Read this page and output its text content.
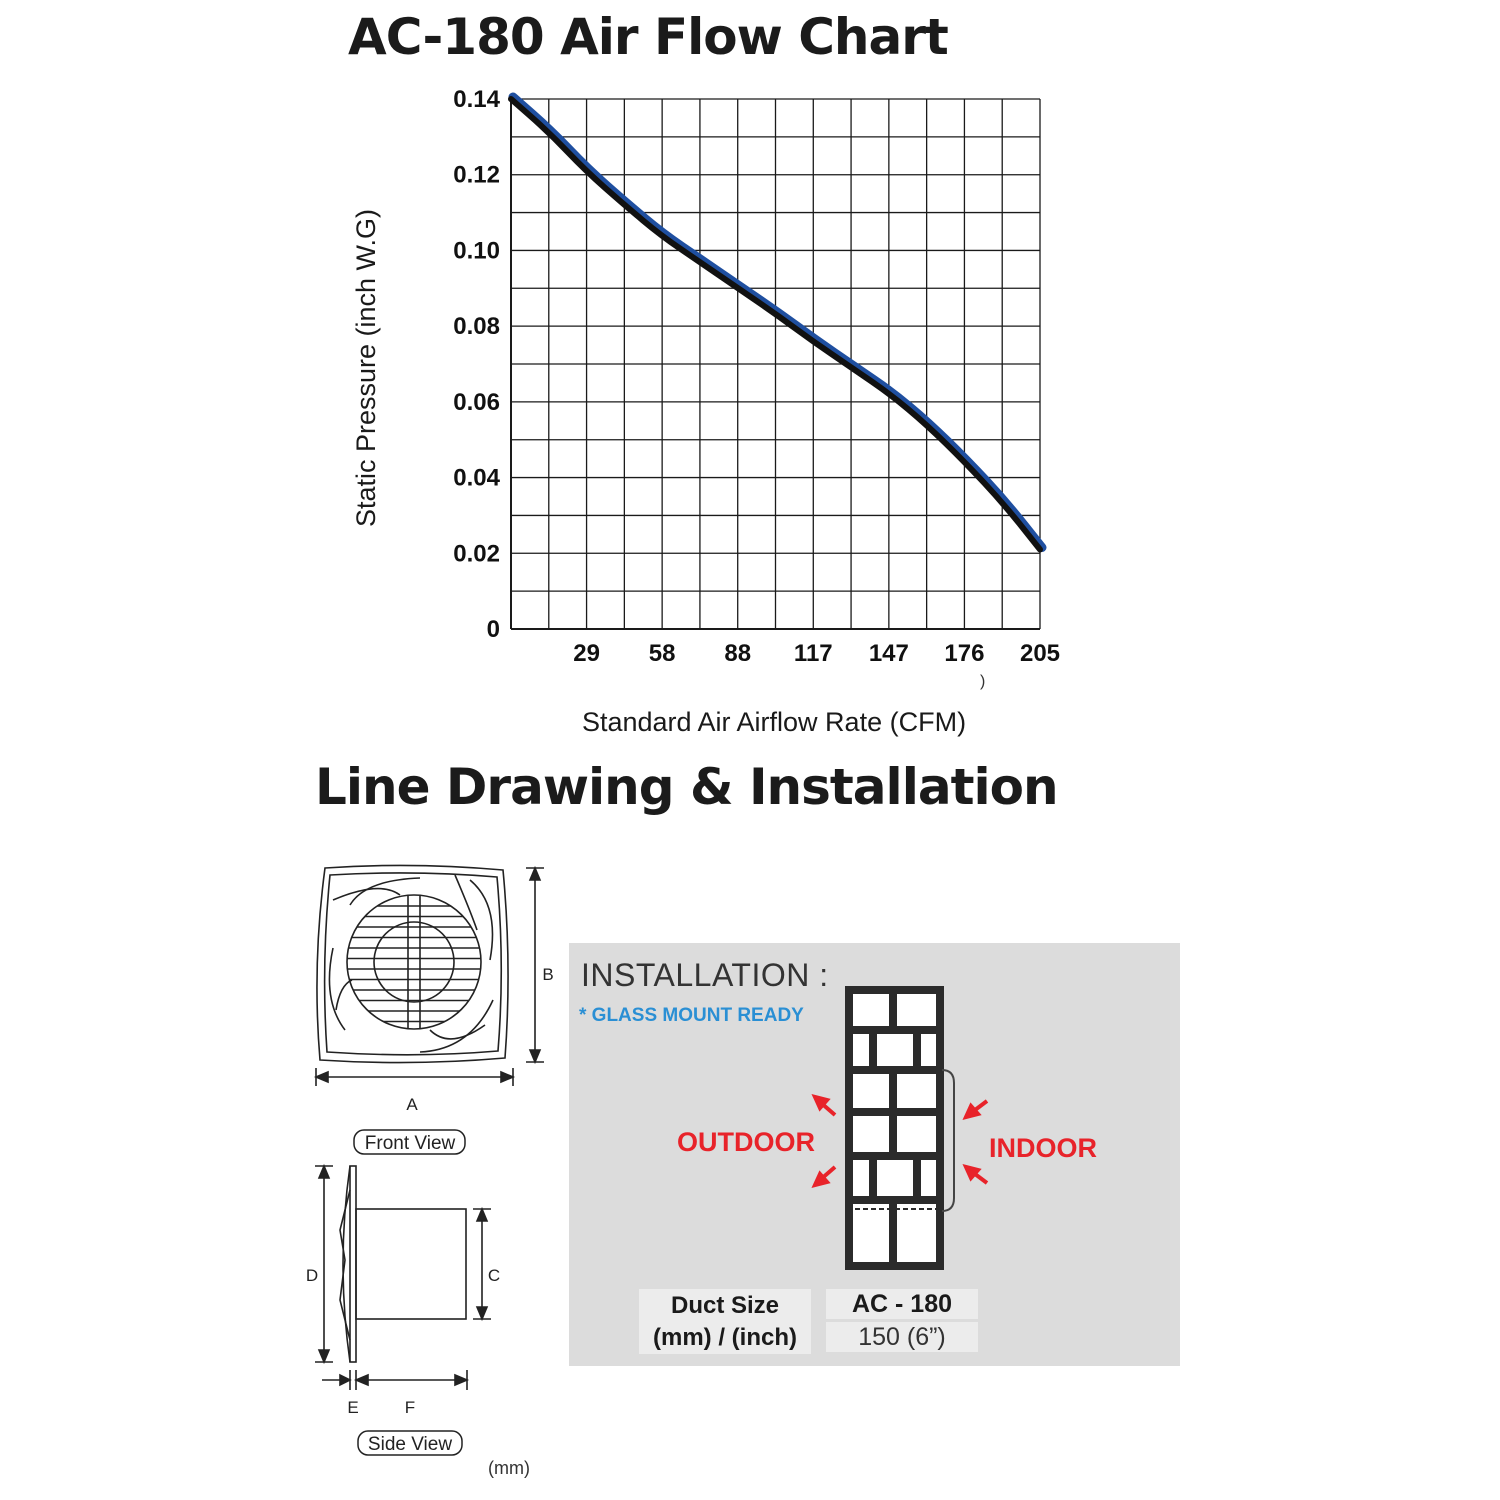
AC-180 Air Flow Chart
29 58 88 117 147 176 205
0
0.02
0.04
0.06
0.08
0.10
0.12
0.14
Standard Air Airflow Rate (CFM)
Static Pressure (inch W.G)
)
A
B
Front View
D	C
E	F
Side View
Line Drawing & Installation
INSTALLATION :
* GLASS MOUNT READY
OUTDOOR	INDOOR
Duct Size
(mm) / (inch)
AC - 180
150 (6”)
(mm)
